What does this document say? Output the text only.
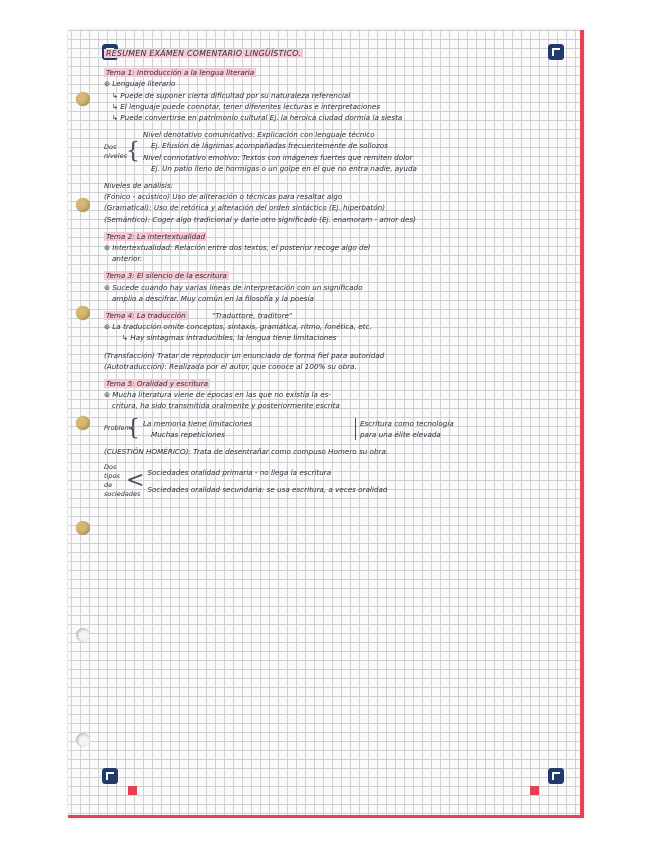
RESUMEN EXÁMEN COMENTARIO LINGÜÍSTICO.
Tema 1: Introducción a la lengua literaria
⊛ Lenguaje literario
↳ Puede de suponer cierta dificultad por su naturaleza referencial
↳ El lenguaje puede connotar, tener diferentes lecturas e interpretaciones
↳ Puede convertirse en patrimonio cultural Ej. la heroica ciudad dormía la siesta
Dos niveles {
Nivel denotativo comunicativo: Explicación con lenguaje técnico
Ej. Efusión de lágrimas acompañadas frecuentemente de sollozos
Nivel connotativo emotivo: Textos con imágenes fuertes que remiten dolor
Ej. Un patio lleno de hormigas o un golpe en el que no entra nadie, ayuda
Niveles de análisis:
(Fónico - acústico) Uso de aliteración o técnicas para resaltar algo
(Gramatical): Uso de retórica y alteración del orden sintáctico (Ej. hiperbatón)
(Semántico): Coger algo tradicional y darle otro significado (Ej. enamoram - amor des)
Tema 2: La intertextualidad
⊛ Intertextualidad: Relación entre dos textos, el posterior recoge algo del
anterior.
Tema 3: El silencio de la escritura
⊛ Sucede cuando hay varias líneas de interpretación con un significado
amplio a descifrar. Muy común en la filosofía y la poesía
Tema 4: La traducción	"Traduttore, traditore"
⊛ La traducción omite conceptos, sintaxis, gramática, ritmo, fonética, etc.
↳ Hay sintagmas intraducibles, la lengua tiene limitaciones
(Transfacción) Tratar de reproducir un enunciado de forma fiel para autoridad
(Autotraducción): Realizada por el autor, que conoce al 100% su obra.
Tema 5: Oralidad y escritura
⊛ Mucha literatura viene de épocas en las que no existía la es-
critura, ha sido transmitida oralmente y posteriormente escrita
Problema
{ La memoria tiene limitaciones
Muchas repeticiones
Escritura como tecnología
para una élite elevada
(CUESTIÓN HOMÉRICO): Trata de desentrañar como compuso Homero su obra.
Dos tipos de sociedades
< Sociedades oralidad primaria - no llega la escritura
Sociedades oralidad secundaria: se usa escritura, a veces oralidad
